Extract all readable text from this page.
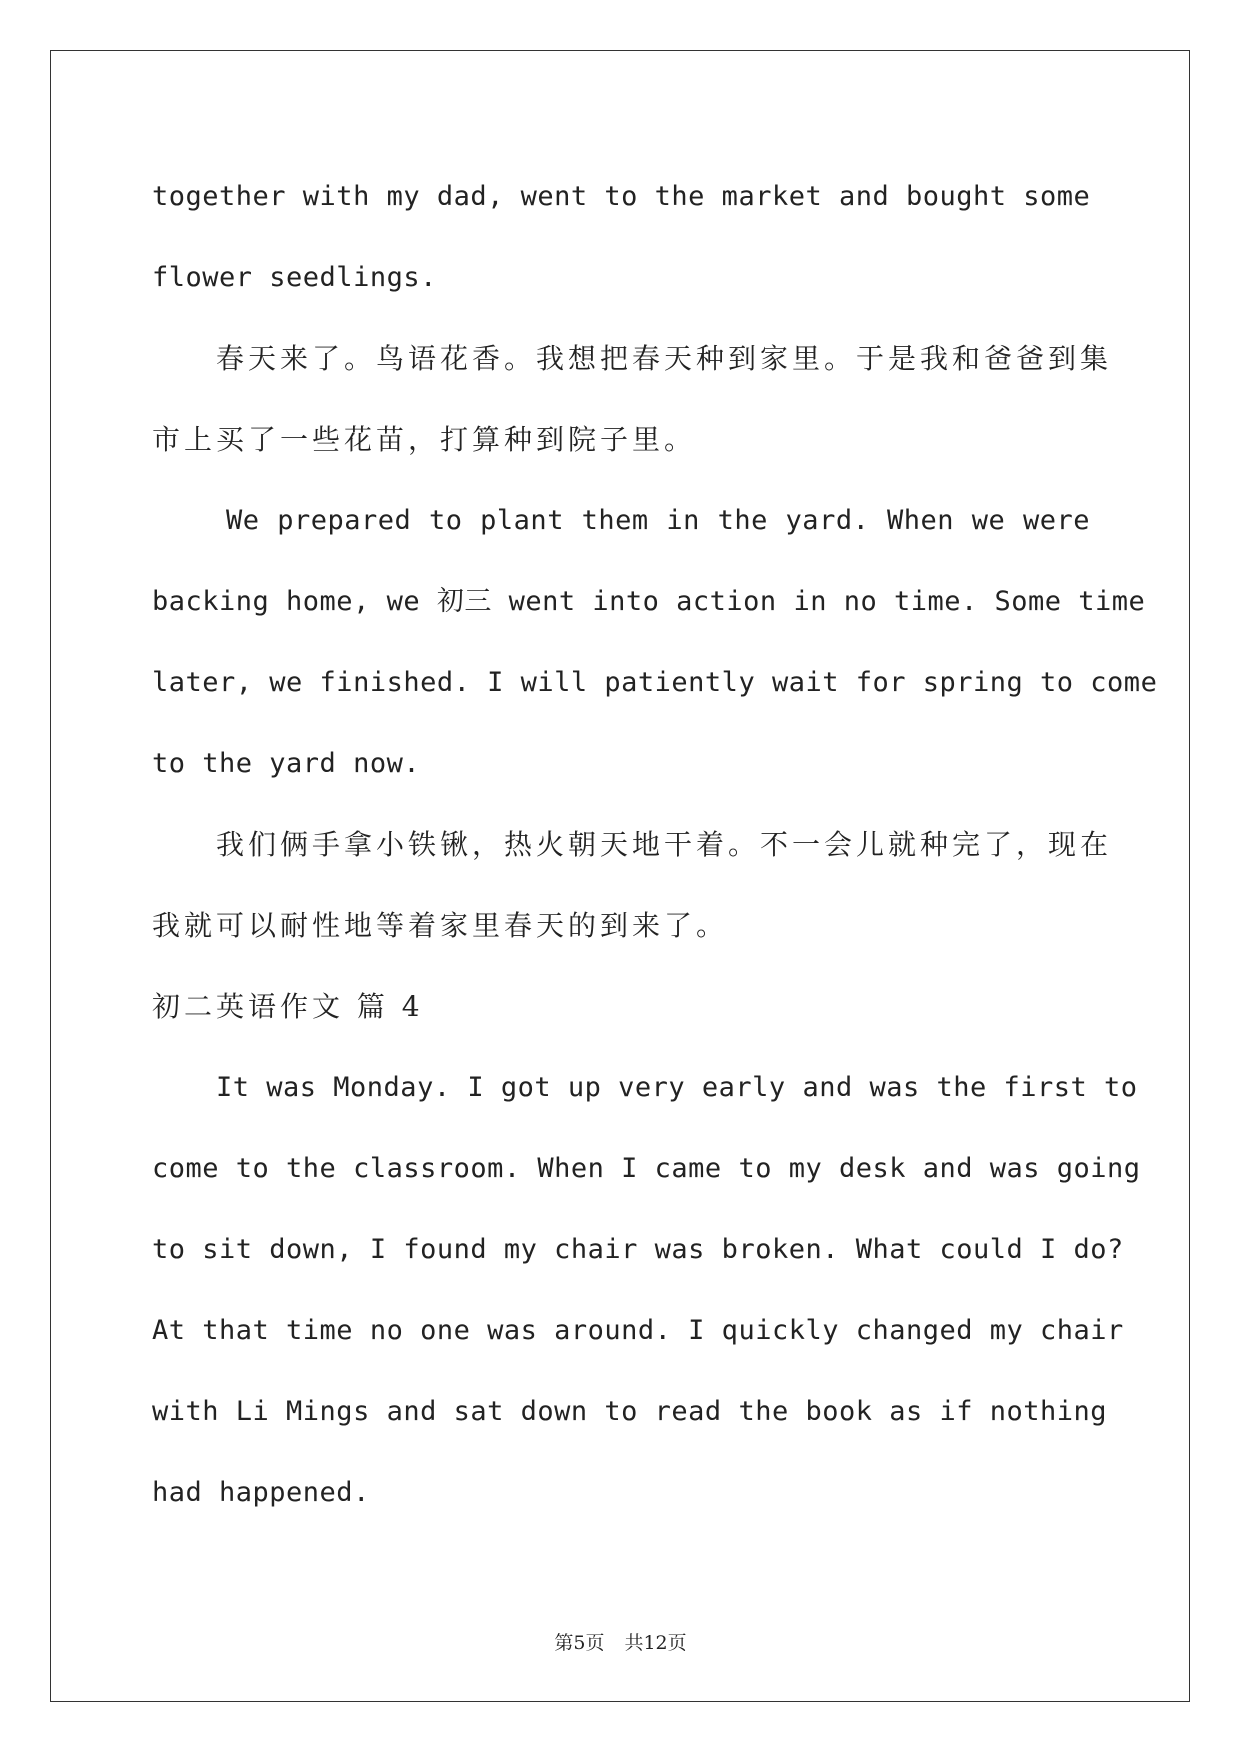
together with my dad, went to the market and bought some
flower seedlings.
春天来了。鸟语花香。我想把春天种到家里。于是我和爸爸到集
市上买了一些花苗，打算种到院子里。
We prepared to plant them in the yard. When we were
backing home, we 初三 went into action in no time. Some time
later, we finished. I will patiently wait for spring to come
to the yard now.
我们俩手拿小铁锹，热火朝天地干着。不一会儿就种完了，现在
我就可以耐性地等着家里春天的到来了。
初二英语作文 篇 4
It was Monday. I got up very early and was the first to
come to the classroom. When I came to my desk and was going
to sit down, I found my chair was broken. What could I do?
At that time no one was around. I quickly changed my chair
with Li Mings and sat down to read the book as if nothing
had happened.
第5页 共12页
